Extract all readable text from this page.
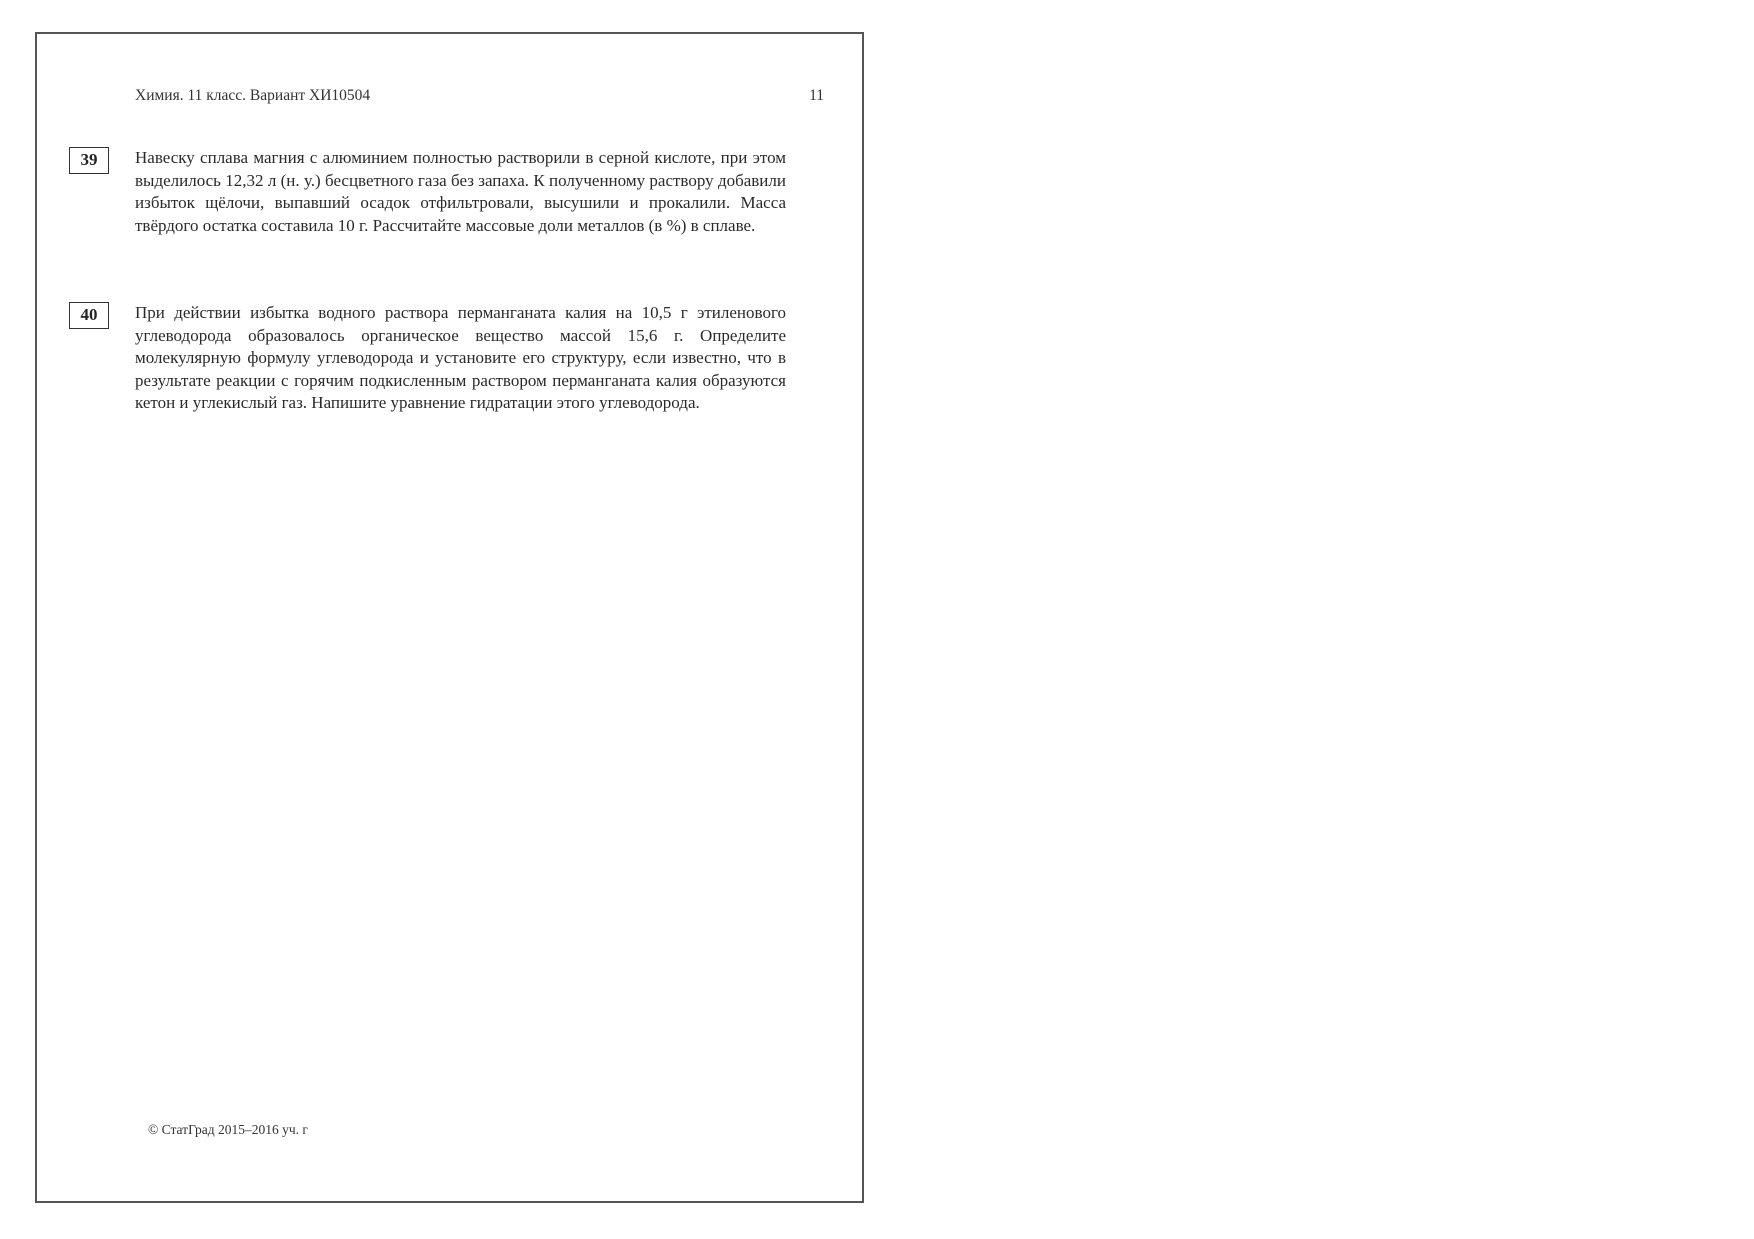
Химия. 11 класс. Вариант ХИ10504	11
39	Навеску сплава магния с алюминием полностью растворили в серной кислоте, при этом выделилось 12,32 л (н. у.) бесцветного газа без запаха. К полученному раствору добавили избыток щёлочи, выпавший осадок отфильтровали, высушили и прокалили. Масса твёрдого остатка составила 10 г. Рассчитайте массовые доли металлов (в %) в сплаве.

40	При действии избытка водного раствора перманганата калия на 10,5 г этиленового углеводорода образовалось органическое вещество массой 15,6 г. Определите молекулярную формулу углеводорода и установите его структуру, если известно, что в результате реакции с горячим подкисленным раствором перманганата калия образуются кетон и углекислый газ. Напишите уравнение гидратации этого углеводорода.

© СтатГрад 2015–2016 уч. г
